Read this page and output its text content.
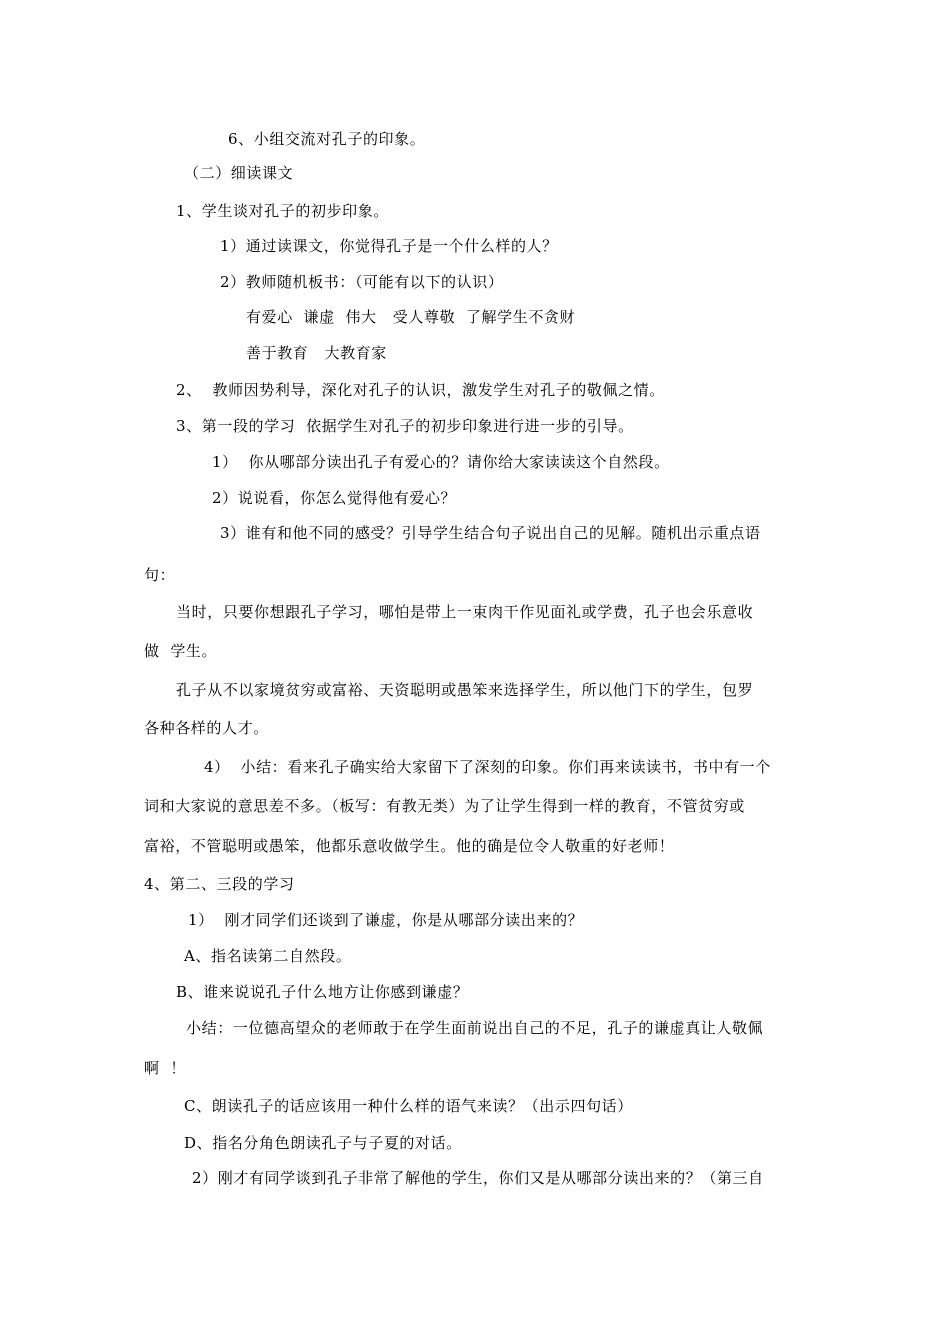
6、小组交流对孔子的印象。
（二）细读课文
1、学生谈对孔子的初步印象。
1）通过读课文，你觉得孔子是一个什么样的人？
2）教师随机板书：（可能有以下的认识）
有爱心  谦虚  伟大   受人尊敬  了解学生不贪财
善于教育   大教育家
2、  教师因势利导，深化对孔子的认识，激发学生对孔子的敬佩之情。
3、第一段的学习  依据学生对孔子的初步印象进行进一步的引导。
1）  你从哪部分读出孔子有爱心的？请你给大家读读这个自然段。
2）说说看，你怎么觉得他有爱心？
3）谁有和他不同的感受？引导学生结合句子说出自己的见解。随机出示重点语
句：
当时，只要你想跟孔子学习，哪怕是带上一束肉干作见面礼或学费，孔子也会乐意收
做  学生。
孔子从不以家境贫穷或富裕、天资聪明或愚笨来选择学生，所以他门下的学生，包罗
各种各样的人才。
4）  小结：看来孔子确实给大家留下了深刻的印象。你们再来读读书，书中有一个
词和大家说的意思差不多。（板写：有教无类）为了让学生得到一样的教育，不管贫穷或
富裕，不管聪明或愚笨，他都乐意收做学生。他的确是位令人敬重的好老师！
4、第二、三段的学习
1）  刚才同学们还谈到了谦虚，你是从哪部分读出来的？
A、指名读第二自然段。
B、谁来说说孔子什么地方让你感到谦虚？
小结：一位德高望众的老师敢于在学生面前说出自己的不足，孔子的谦虚真让人敬佩
啊  ！
C、朗读孔子的话应该用一种什么样的语气来读？（出示四句话）
D、指名分角色朗读孔子与子夏的对话。
2）刚才有同学谈到孔子非常了解他的学生，你们又是从哪部分读出来的？（第三自
